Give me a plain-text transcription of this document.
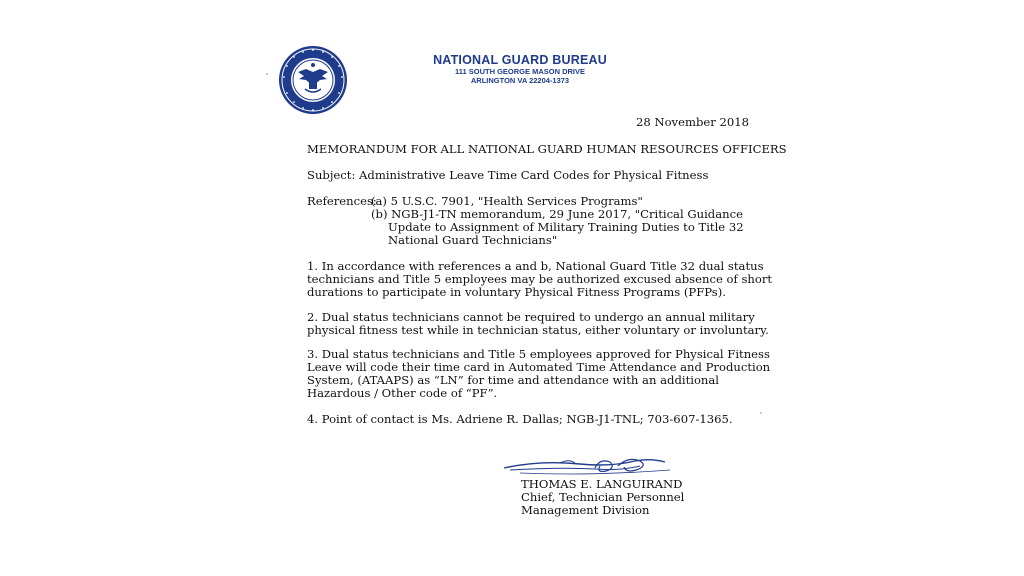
NATIONAL GUARD BUREAU
111 SOUTH GEORGE MASON DRIVE
ARLINGTON VA 22204-1373
28 November 2018
MEMORANDUM FOR ALL NATIONAL GUARD HUMAN RESOURCES OFFICERS
Subject: Administrative Leave Time Card Codes for Physical Fitness
References:
(a) 5 U.S.C. 7901, "Health Services Programs"
(b) NGB-J1-TN memorandum, 29 June 2017, "Critical Guidance
Update to Assignment of Military Training Duties to Title 32
National Guard Technicians"
1. In accordance with references a and b, National Guard Title 32 dual status
technicians and Title 5 employees may be authorized excused absence of short
durations to participate in voluntary Physical Fitness Programs (PFPs).
2. Dual status technicians cannot be required to undergo an annual military
physical fitness test while in technician status, either voluntary or involuntary.
3. Dual status technicians and Title 5 employees approved for Physical Fitness
Leave will code their time card in Automated Time Attendance and Production
System, (ATAAPS) as “LN” for time and attendance with an additional
Hazardous / Other code of “PF”.
4. Point of contact is Ms. Adriene R. Dallas; NGB-J1-TNL; 703-607-1365.
THOMAS E. LANGUIRAND
Chief, Technician Personnel
Management Division
